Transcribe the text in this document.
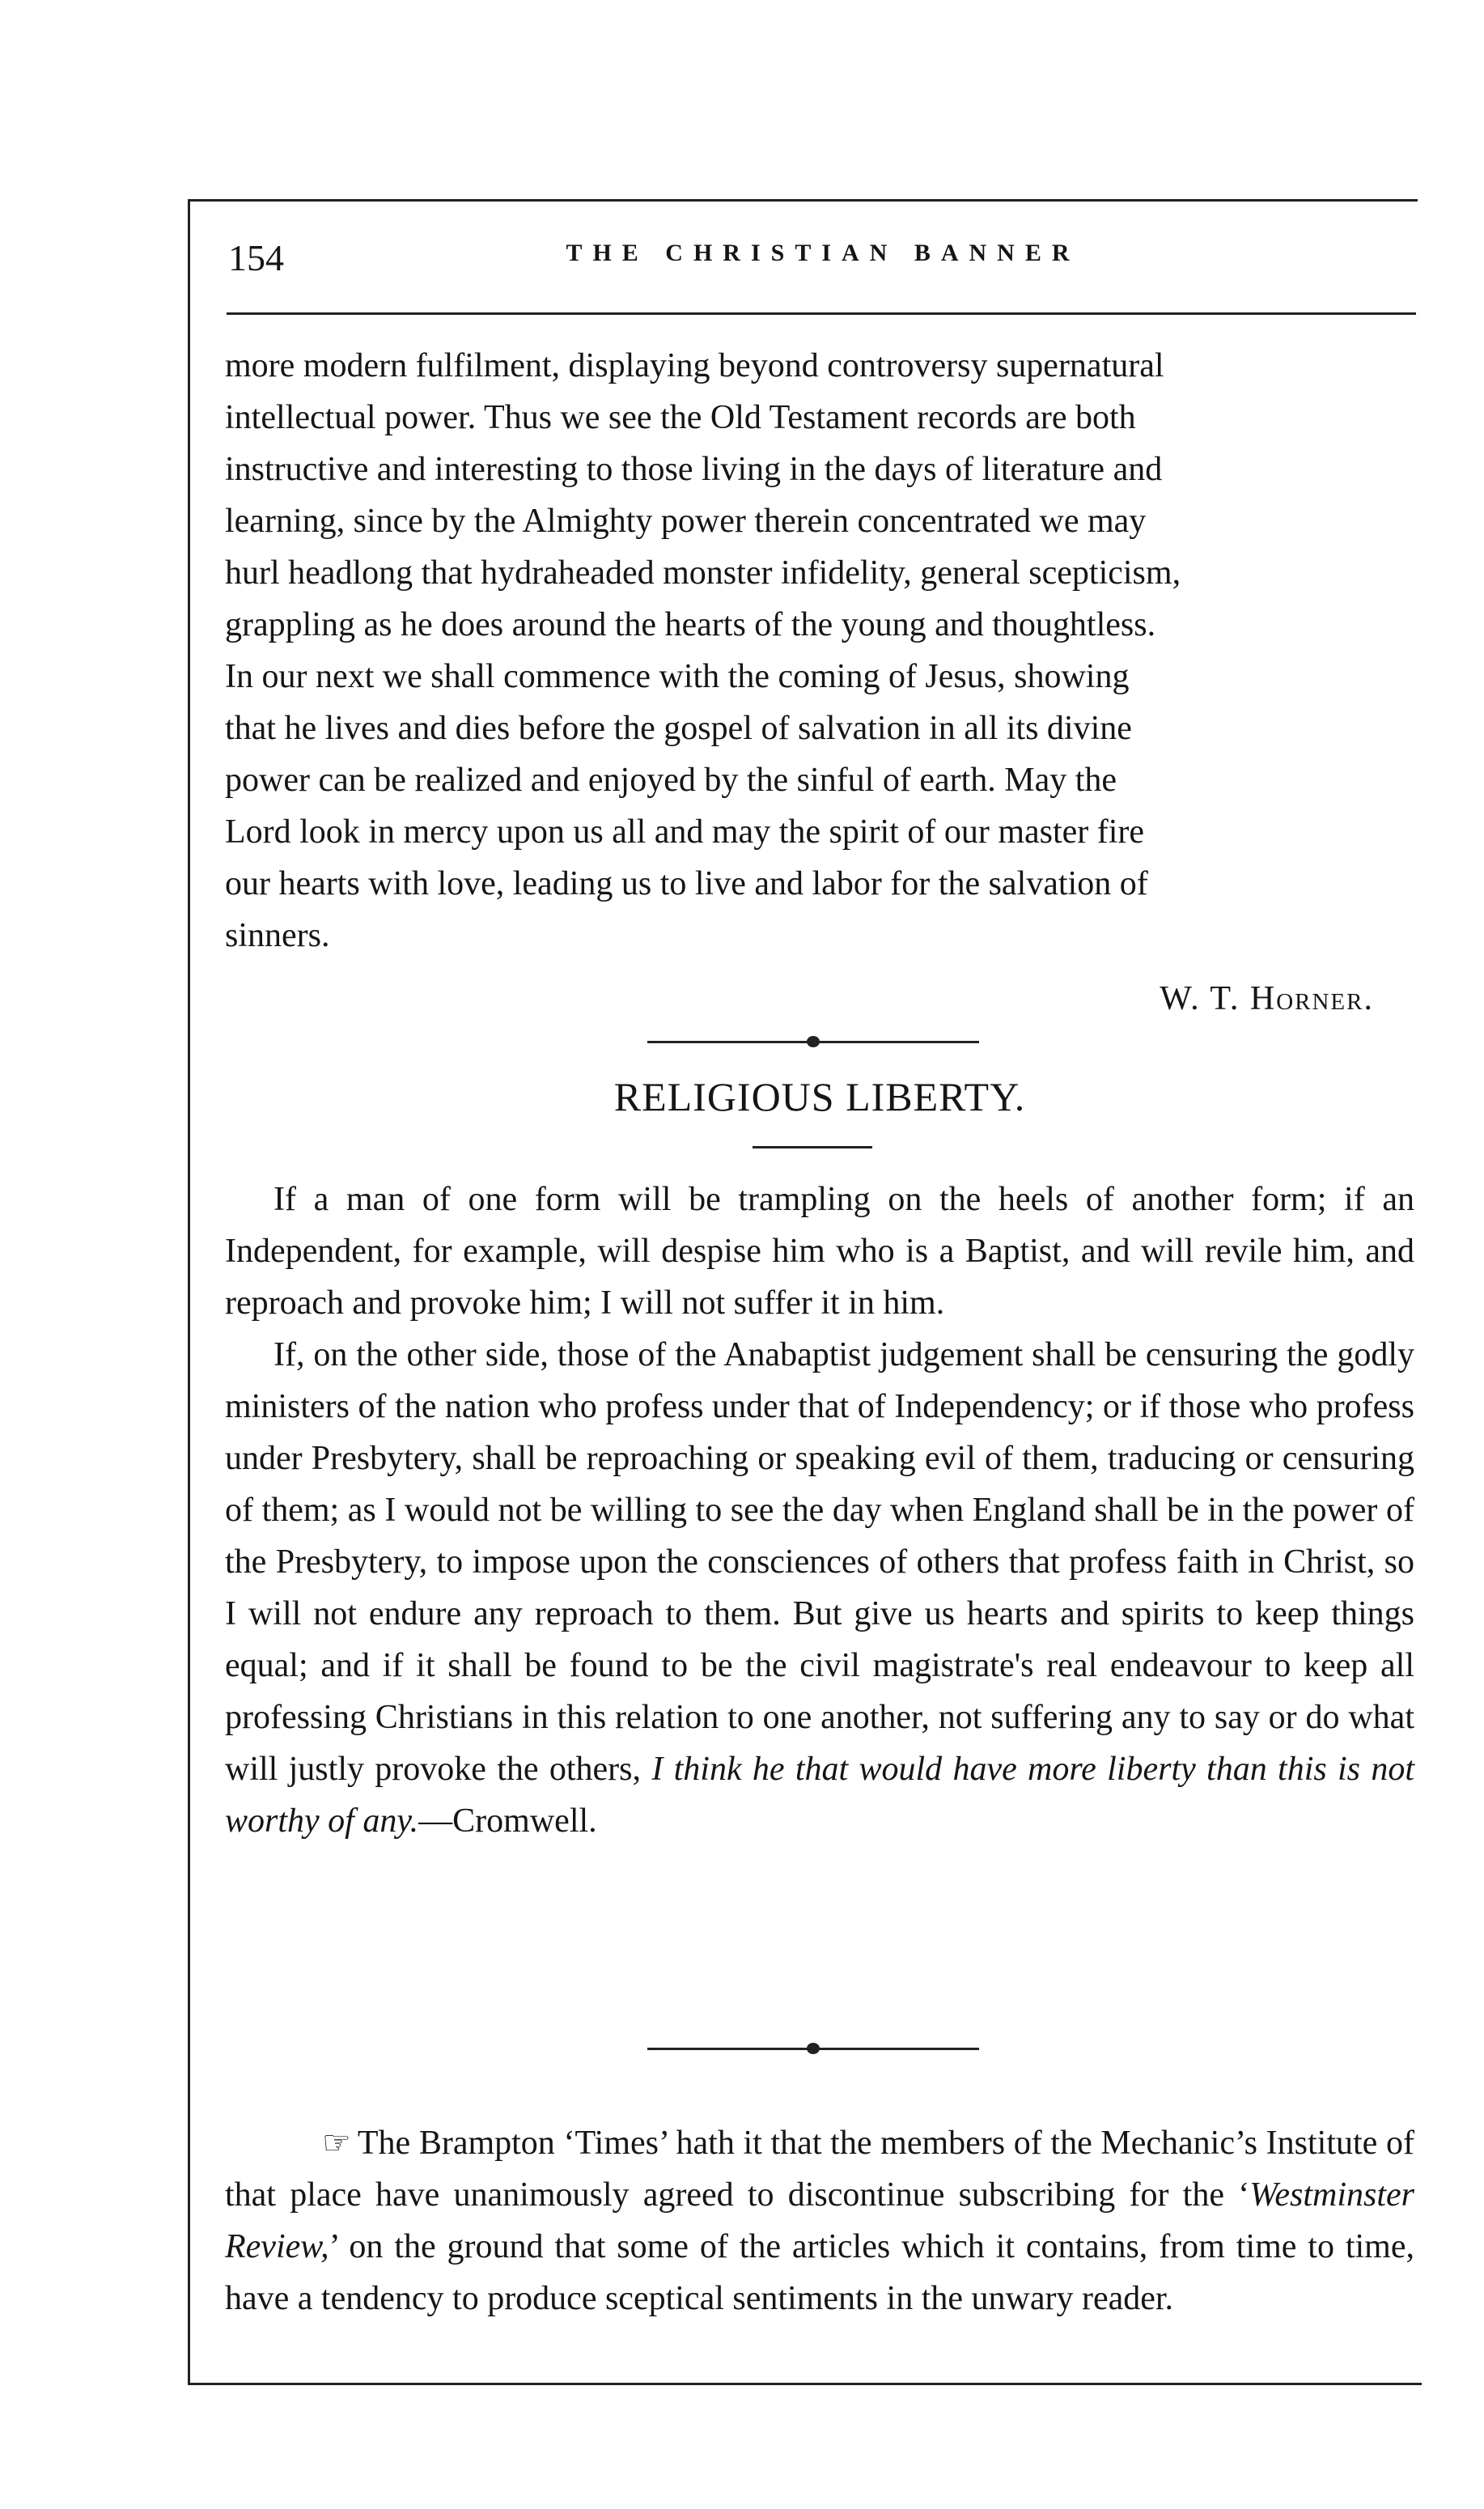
154	THE CHRISTIAN BANNER
more modern fulfilment, displaying beyond controversy supernatural
intellectual power. Thus we see the Old Testament records are both
instructive and interesting to those living in the days of literature and
learning, since by the Almighty power therein concentrated we may
hurl headlong that hydraheaded monster infidelity, general scepticism,
grappling as he does around the hearts of the young and thoughtless.
In our next we shall commence with the coming of Jesus, showing
that he lives and dies before the gospel of salvation in all its divine
power can be realized and enjoyed by the sinful of earth. May the
Lord look in mercy upon us all and may the spirit of our master fire
our hearts with love, leading us to live and labor for the salvation of
sinners.
W. T. Horner.
RELIGIOUS LIBERTY.

If a man of one form will be trampling on the heels of another form; if an Independent, for example, will despise him who is a Baptist, and will revile him, and reproach and provoke him; I will not suffer it in him.

If, on the other side, those of the Anabaptist judgement shall be censuring the godly ministers of the nation who profess under that of Independency; or if those who profess under Presbytery, shall be reproaching or speaking evil of them, traducing or censuring of them; as I would not be willing to see the day when England shall be in the power of the Presbytery, to impose upon the consciences of others that profess faith in Christ, so I will not endure any reproach to them. But give us hearts and spirits to keep things equal; and if it shall be found to be the civil magistrate's real endeavour to keep all professing Christians in this relation to one another, not suffering any to say or do what will justly provoke the others, I think he that would have more liberty than this is not worthy of any.—Cromwell.

☞ The Brampton ‘Times’ hath it that the members of the Mechanic’s Institute of that place have unanimously agreed to discontinue subscribing for the ‘Westminster Review,’ on the ground that some of the articles which it contains, from time to time, have a tendency to produce sceptical sentiments in the unwary reader.
